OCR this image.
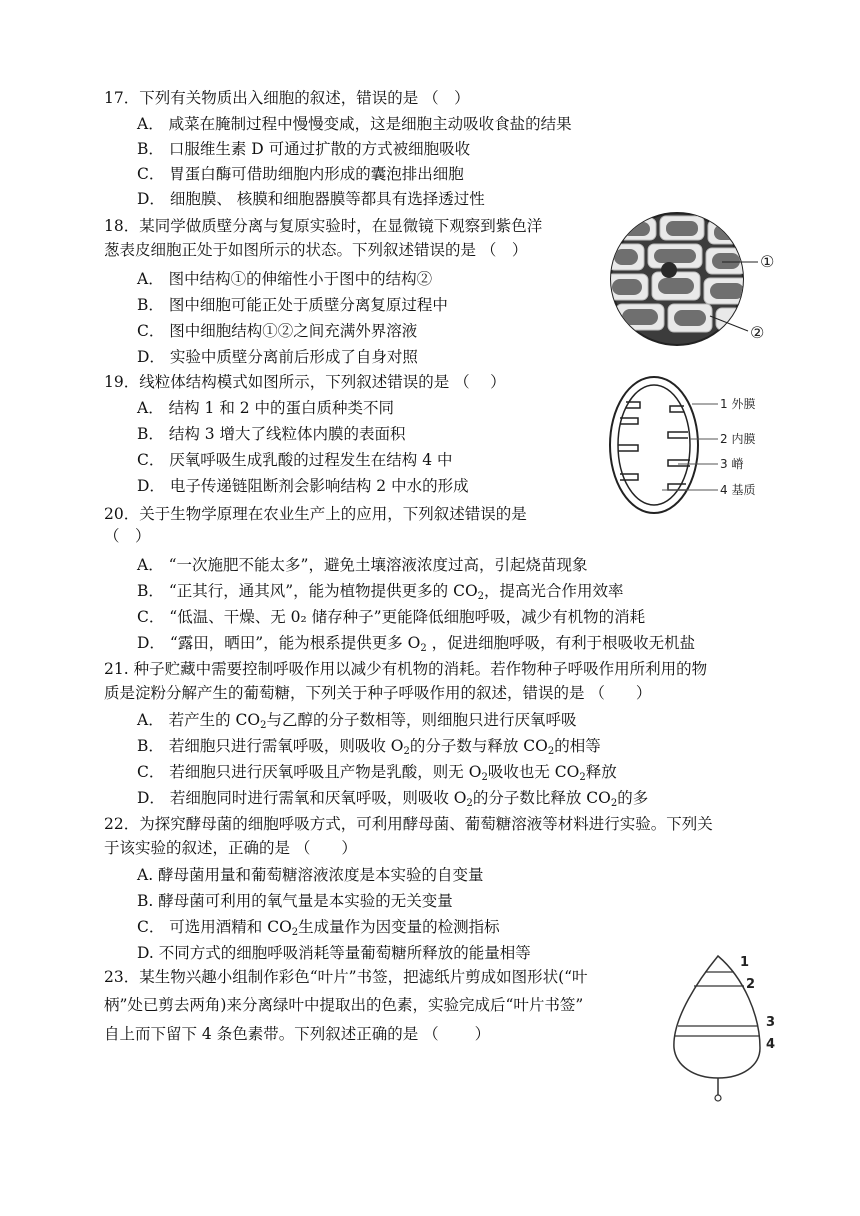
17．下列有关物质出入细胞的叙述，错误的是 （　）
A． 咸菜在腌制过程中慢慢变咸，这是细胞主动吸收食盐的结果
B． 口服维生素 D 可通过扩散的方式被细胞吸收
C． 胃蛋白酶可借助细胞内形成的囊泡排出细胞
D． 细胞膜、 核膜和细胞器膜等都具有选择透过性
18．某同学做质壁分离与复原实验时，在显微镜下观察到紫色洋
葱表皮细胞正处于如图所示的状态。下列叙述错误的是 （　）
A． 图中结构①的伸缩性小于图中的结构②
B． 图中细胞可能正处于质壁分离复原过程中
C． 图中细胞结构①②之间充满外界溶液
D． 实验中质壁分离前后形成了自身对照
①
②
19．线粒体结构模式如图所示，下列叙述错误的是 （　 ）
A． 结构 1 和 2 中的蛋白质种类不同
B． 结构 3 增大了线粒体内膜的表面积
C． 厌氧呼吸生成乳酸的过程发生在结构 4 中
D． 电子传递链阻断剂会影响结构 2 中水的形成
1 外膜
2 内膜
3 嵴
4 基质
20．关于生物学原理在农业生产上的应用，下列叙述错误的是
（　）
A． “一次施肥不能太多”，避免土壤溶液浓度过高，引起烧苗现象
B． “正其行，通其风”，能为植物提供更多的 $CO_2$，提高光合作用效率
C． “低温、干燥、无 0₂ 储存种子”更能降低细胞呼吸，减少有机物的消耗
D． “露田，晒田”，能为根系提供更多 $O_2$ ，促进细胞呼吸，有利于根吸收无机盐
21. 种子贮藏中需要控制呼吸作用以减少有机物的消耗。若作物种子呼吸作用所利用的物
质是淀粉分解产生的葡萄糖，下列关于种子呼吸作用的叙述，错误的是 （　　）
A． 若产生的 $CO_2$与乙醇的分子数相等，则细胞只进行厌氧呼吸
B． 若细胞只进行需氧呼吸，则吸收 $O_2$的分子数与释放 $CO_2$的相等
C． 若细胞只进行厌氧呼吸且产物是乳酸，则无 $O_2$吸收也无 $CO_2$释放
D． 若细胞同时进行需氧和厌氧呼吸，则吸收 $O_2$的分子数比释放 $CO_2$的多
22．为探究酵母菌的细胞呼吸方式，可利用酵母菌、葡萄糖溶液等材料进行实验。下列关
于该实验的叙述，正确的是 （　　）
A. 酵母菌用量和葡萄糖溶液浓度是本实验的自变量
B. 酵母菌可利用的氧气量是本实验的无关变量
C． 可选用酒精和 $CO_2$生成量作为因变量的检测指标
D. 不同方式的细胞呼吸消耗等量葡萄糖所释放的能量相等
23．某生物兴趣小组制作彩色“叶片”书签，把滤纸片剪成如图形状(“叶
柄”处已剪去两角)来分离绿叶中提取出的色素，实验完成后“叶片书签”
自上而下留下 4 条色素带。下列叙述正确的是 （　　 ）
1
2
3
4
